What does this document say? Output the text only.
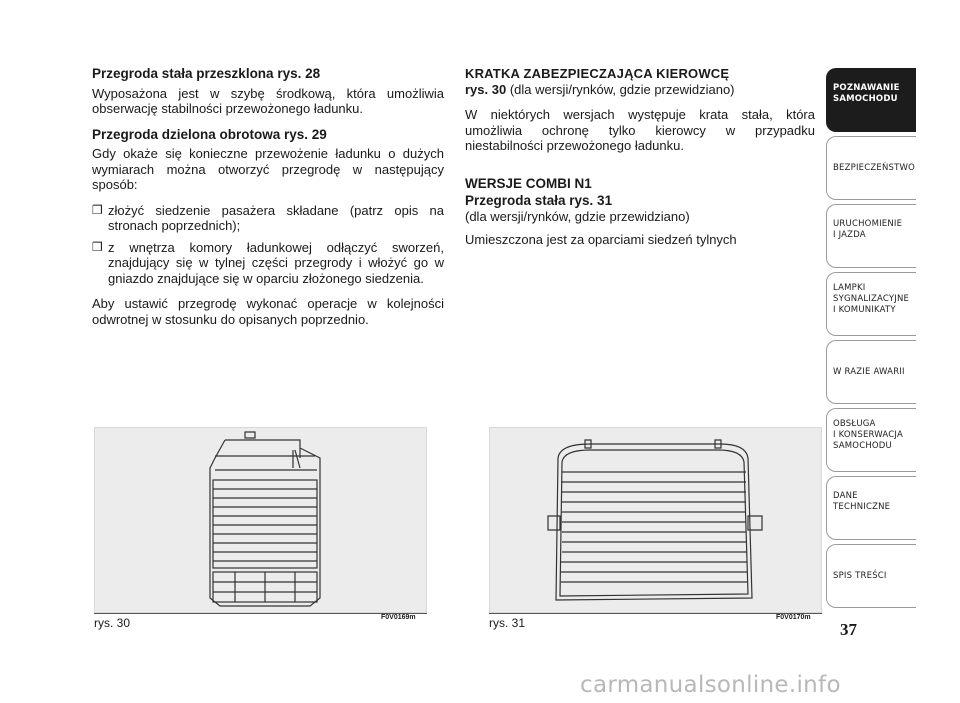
Przegroda stała przeszklona rys. 28

Wyposażona jest w szybę środkową, która umożliwia obserwację stabilności przewożonego ładunku.

Przegroda dzielona obrotowa rys. 29

Gdy okaże się konieczne przewożenie ładunku o dużych wymiarach można otworzyć przegrodę w następujący sposób:

❒ złożyć siedzenie pasażera składane (patrz opis na stronach poprzednich);
❒ z wnętrza komory ładunkowej odłączyć sworzeń, znajdujący się w tylnej części przegrody i włożyć go w gniazdo znajdujące się w oparciu złożonego siedzenia.

Aby ustawić przegrodę wykonać operacje w kolejności odwrotnej w stosunku do opisanych poprzednio.

KRATKA ZABEZPIECZAJĄCA KIEROWCĘ
rys. 30 (dla wersji/rynków, gdzie przewidziano)

W niektórych wersjach występuje krata stała, która umożliwia ochronę tylko kierowcy w przypadku niestabilności przewożonego ładunku.

WERSJE COMBI N1
Przegroda stała rys. 31
(dla wersji/rynków, gdzie przewidziano)

Umieszczona jest za oparciami siedzeń tylnych

rys. 30	F0V0169m	rys. 31	F0V0170m
POZNAWANIE
SAMOCHODU
BEZPIECZEŃSTWO
URUCHOMIENIE
I JAZDA
LAMPKI
SYGNALIZACYJNE
I KOMUNIKATY
W RAZIE AWARII
OBSŁUGA
I KONSERWACJA
SAMOCHODU
DANE
TECHNICZNE
SPIS TREŚCI
37
carmanualsonline.info
